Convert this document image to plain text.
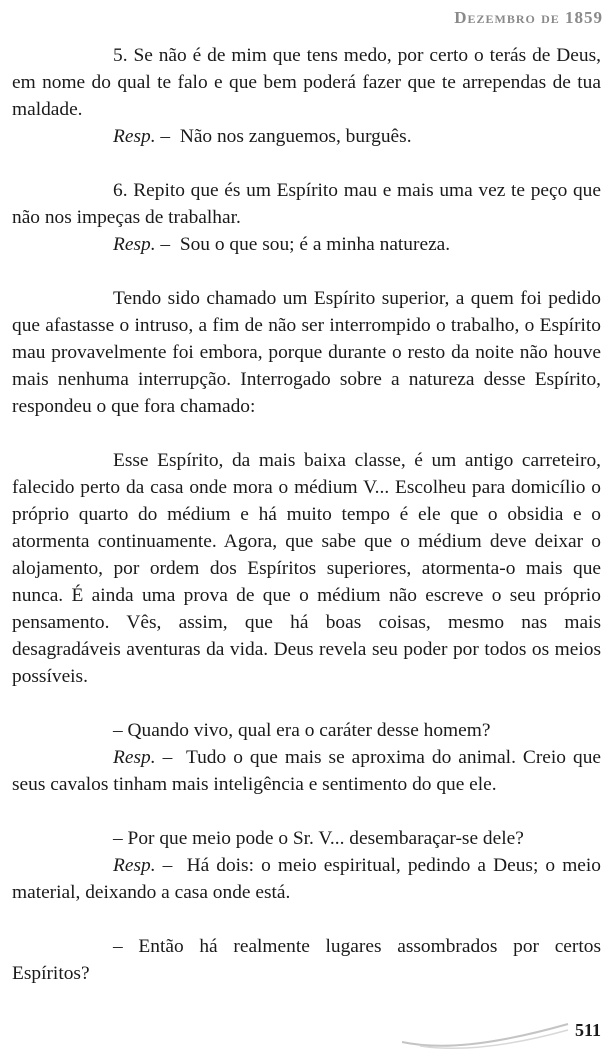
Dezembro de 1859

5. Se não é de mim que tens medo, por certo o terás de Deus, em nome do qual te falo e que bem poderá fazer que te arrependas de tua maldade.

Resp. – Não nos zanguemos, burguês.

6. Repito que és um Espírito mau e mais uma vez te peço que não nos impeças de trabalhar.

Resp. – Sou o que sou; é a minha natureza.

Tendo sido chamado um Espírito superior, a quem foi pedido que afastasse o intruso, a fim de não ser interrompido o trabalho, o Espírito mau provavelmente foi embora, porque durante o resto da noite não houve mais nenhuma interrupção. Interrogado sobre a natureza desse Espírito, respondeu o que fora chamado:

Esse Espírito, da mais baixa classe, é um antigo carreteiro, falecido perto da casa onde mora o médium V... Escolheu para domicílio o próprio quarto do médium e há muito tempo é ele que o obsidia e o atormenta continuamente. Agora, que sabe que o médium deve deixar o alojamento, por ordem dos Espíritos superiores, atormenta-o mais que nunca. É ainda uma prova de que o médium não escreve o seu próprio pensamento. Vês, assim, que há boas coisas, mesmo nas mais desagradáveis aventuras da vida. Deus revela seu poder por todos os meios possíveis.

– Quando vivo, qual era o caráter desse homem?

Resp. – Tudo o que mais se aproxima do animal. Creio que seus cavalos tinham mais inteligência e sentimento do que ele.

– Por que meio pode o Sr. V... desembaraçar-se dele?

Resp. – Há dois: o meio espiritual, pedindo a Deus; o meio material, deixando a casa onde está.

– Então há realmente lugares assombrados por certos Espíritos?

511
